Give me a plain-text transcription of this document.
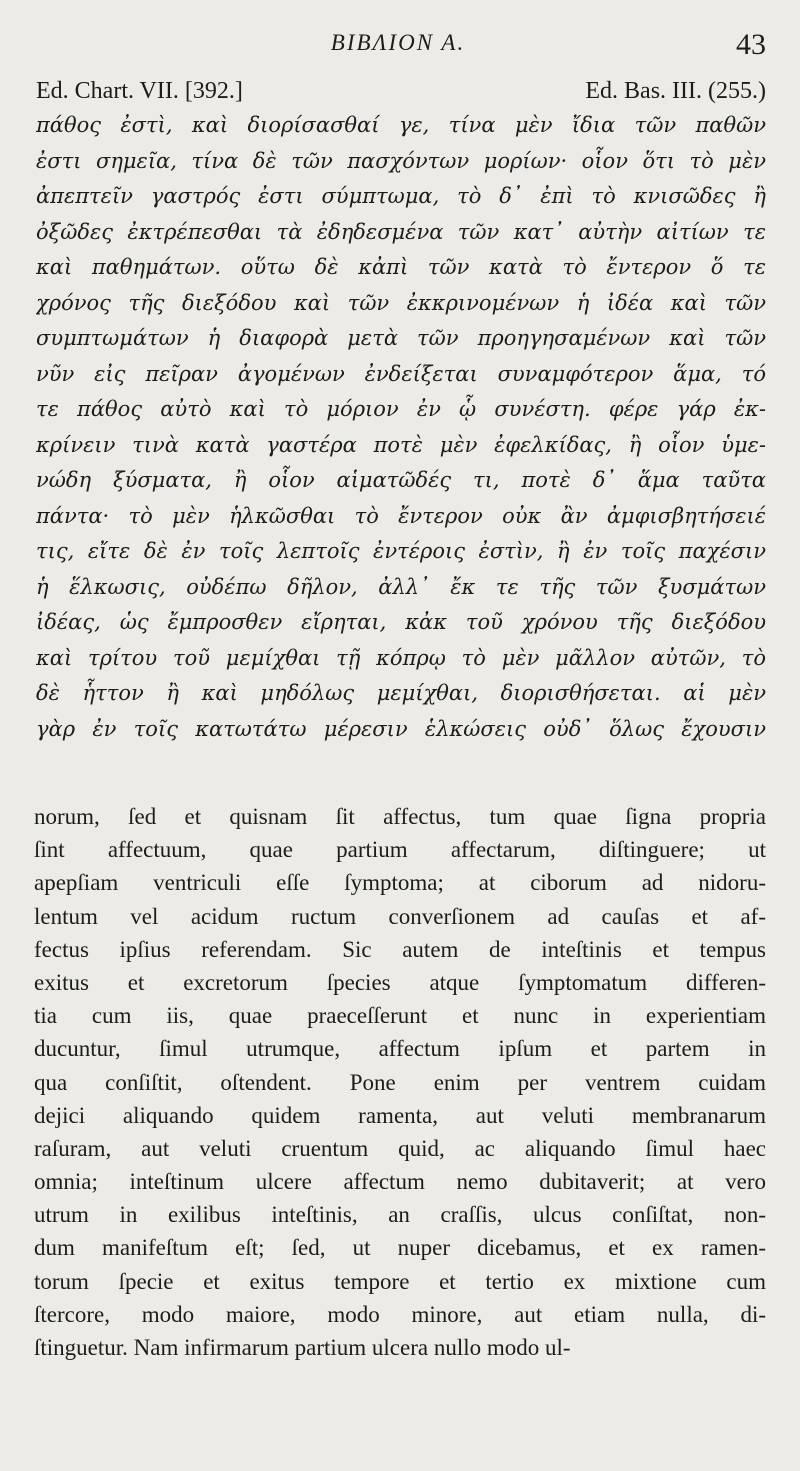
BIBΛΙΟΝ Α.	43
Ed. Chart. VII. [392.]	Ed. Bas. III. (255.)
πάθος ἐστὶ, καὶ διορίσασθαί γε, τίνα μὲν ἴδια τῶν παθῶν
ἐστι σημεῖα, τίνα δὲ τῶν πασχόντων μορίων· οἷον ὅτι τὸ μὲν
ἀπεπτεῖν γαστρός ἐστι σύμπτωμα, τὸ δ᾽ ἐπὶ τὸ κνισῶδες ἢ
ὀξῶδες ἐκτρέπεσθαι τὰ ἐδηδεσμένα τῶν κατ᾽ αὐτὴν αἰτίων τε
καὶ παθημάτων. οὕτω δὲ κἀπὶ τῶν κατὰ τὸ ἔντερον ὅ τε
χρόνος τῆς διεξόδου καὶ τῶν ἐκκρινομένων ἡ ἰδέα καὶ τῶν
συμπτωμάτων ἡ διαφορὰ μετὰ τῶν προηγησαμένων καὶ τῶν
νῦν εἰς πεῖραν ἀγομένων ἐνδείξεται συναμφότερον ἅμα, τό
τε πάθος αὐτὸ καὶ τὸ μόριον ἐν ᾧ συνέστη. φέρε γάρ ἐκ-
κρίνειν τινὰ κατὰ γαστέρα ποτὲ μὲν ἐφελκίδας, ἢ οἷον ὑμε-
νώδη ξύσματα, ἢ οἷον αἱματῶδές τι, ποτὲ δ᾽ ἅμα ταῦτα
πάντα· τὸ μὲν ἡλκῶσθαι τὸ ἔντερον οὐκ ἂν ἀμφισβητήσειέ
τις, εἴτε δὲ ἐν τοῖς λεπτοῖς ἐντέροις ἐστὶν, ἢ ἐν τοῖς παχέσιν
ἡ ἕλκωσις, οὐδέπω δῆλον, ἀλλ᾽ ἔκ τε τῆς τῶν ξυσμάτων
ἰδέας, ὡς ἔμπροσθεν εἴρηται, κἀκ τοῦ χρόνου τῆς διεξόδου
καὶ τρίτου τοῦ μεμίχθαι τῇ κόπρῳ τὸ μὲν μᾶλλον αὐτῶν, τὸ
δὲ ἧττον ἢ καὶ μηδόλως μεμίχθαι, διορισθήσεται. αἱ μὲν
γὰρ ἐν τοῖς κατωτάτω μέρεσιν ἑλκώσεις οὐδ᾽ ὅλως ἔχουσιν
norum, ſed et quisnam ſit affectus, tum quae ſigna propria
ſint affectuum, quae partium affectarum, diſtinguere; ut
apepſiam ventriculi eſſe ſymptoma; at ciborum ad nidoru-
lentum vel acidum ructum converſionem ad cauſas et af-
fectus ipſius referendam. Sic autem de inteſtinis et tempus
exitus et excretorum ſpecies atque ſymptomatum differen-
tia cum iis, quae praeceſſerunt et nunc in experientiam
ducuntur, ſimul utrumque, affectum ipſum et partem in
qua conſiſtit, oſtendent. Pone enim per ventrem cuidam
dejici aliquando quidem ramenta, aut veluti membranarum
raſuram, aut veluti cruentum quid, ac aliquando ſimul haec
omnia; inteſtinum ulcere affectum nemo dubitaverit; at vero
utrum in exilibus inteſtinis, an craſſis, ulcus conſiſtat, non-
dum manifeſtum eſt; ſed, ut nuper dicebamus, et ex ramen-
torum ſpecie et exitus tempore et tertio ex mixtione cum
ſtercore, modo maiore, modo minore, aut etiam nulla, di-
ſtinguetur. Nam infirmarum partium ulcera nullo modo ul-
